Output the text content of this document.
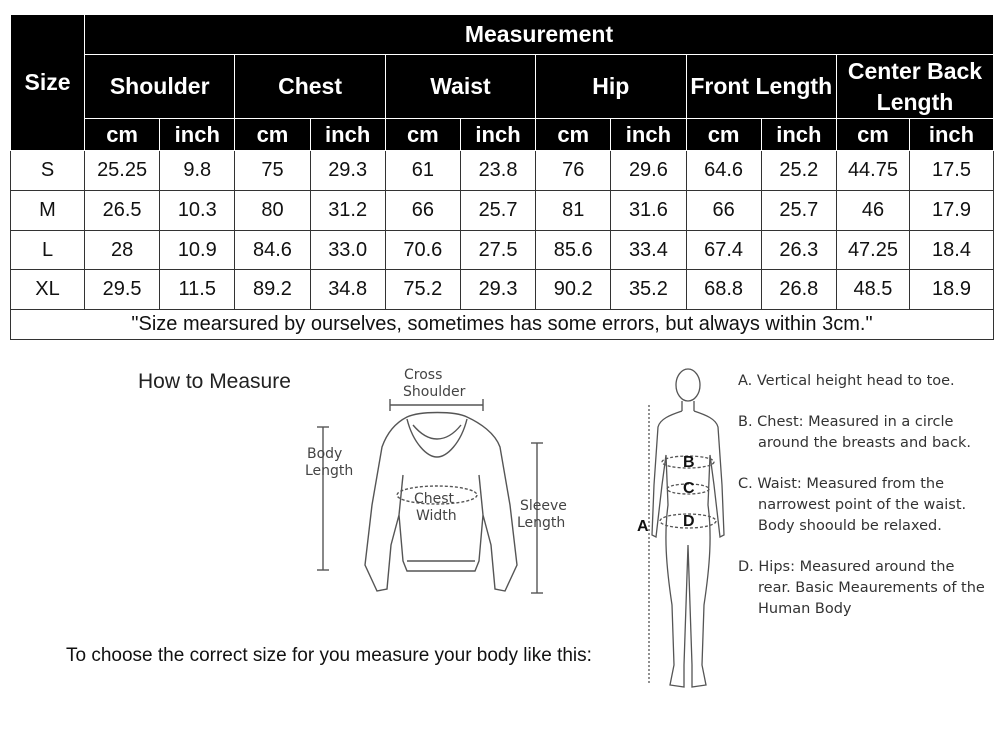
Size	Measurement											
	Shoulder		Chest		Waist		Hip		Front Length		Center Back
Length	
	cm	inch	cm	inch	cm	inch	cm	inch	cm	inch	cm	inch
S	25.25	9.8	75	29.3	61	23.8	76	29.6	64.6	25.2	44.75	17.5
M	26.5	10.3	80	31.2	66	25.7	81	31.6	66	25.7	46	17.9
L	28	10.9	84.6	33.0	70.6	27.5	85.6	33.4	67.4	26.3	47.25	18.4
XL	29.5	11.5	89.2	34.8	75.2	29.3	90.2	35.2	68.8	26.8	48.5	18.9
"Size mearsured by ourselves, sometimes has some errors, but always within 3cm."												
How to Measure	Cross
Shoulder
Body
Length
Chest
Width
Sleeve
Length
B
C
D
A

A. Vertical height head to toe.

B. Chest: Measured in a circle around the breasts and back.

C. Waist: Measured from the narrowest point of the waist. Body shoould be relaxed.

D. Hips: Measured around the rear. Basic Meaurements of the Human Body

To choose the correct size for you measure your body like this:
